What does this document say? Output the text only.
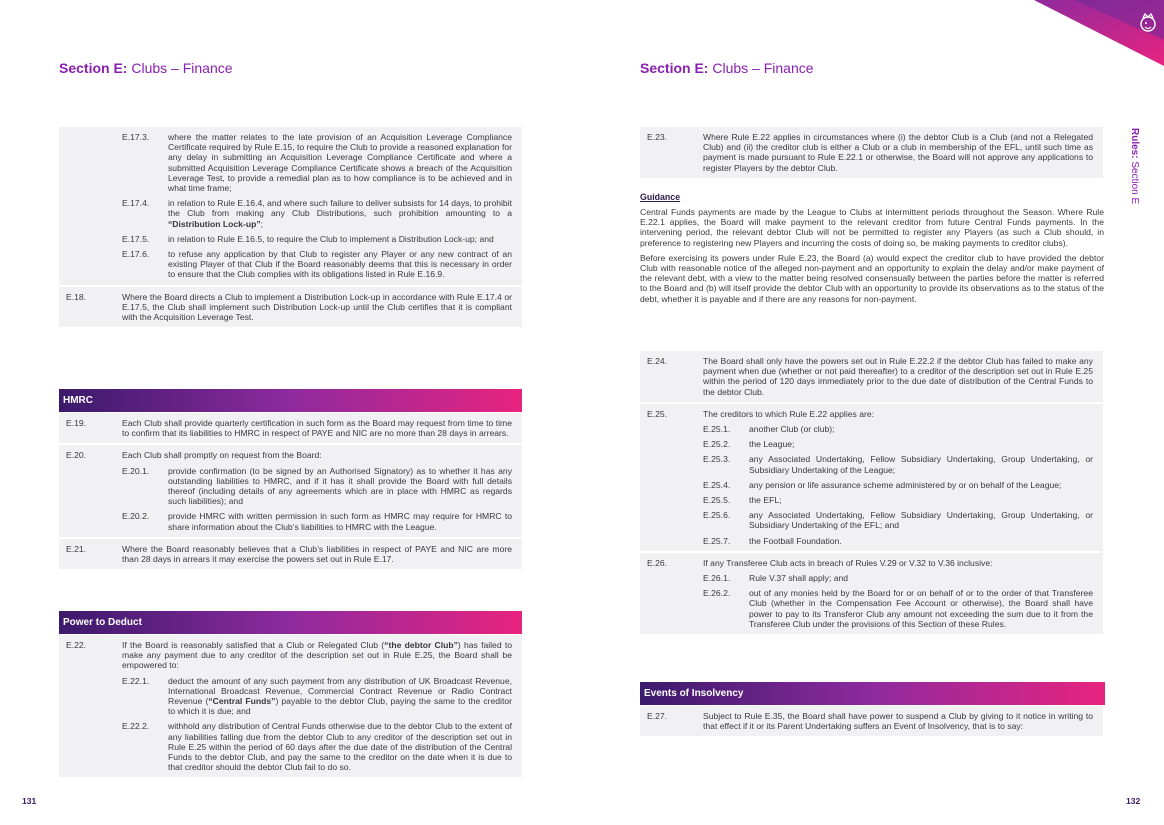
Section E: Clubs – Finance
E.17.3.	where the matter relates to the late provision of an Acquisition Leverage Compliance Certificate required by Rule E.15, to require the Club to provide a reasoned explanation for any delay in submitting an Acquisition Leverage Compliance Certificate and where a submitted Acquisition Leverage Compliance Certificate shows a breach of the Acquisition Leverage Test, to provide a remedial plan as to how compliance is to be achieved and in what time frame;
E.17.4.	in relation to Rule E.16.4, and where such failure to deliver subsists for 14 days, to prohibit the Club from making any Club Distributions, such prohibition amounting to a “Distribution Lock-up”;
E.17.5.	in relation to Rule E.16.5, to require the Club to implement a Distribution Lock-up; and
E.17.6.	to refuse any application by that Club to register any Player or any new contract of an existing Player of that Club if the Board reasonably deems that this is necessary in order to ensure that the Club complies with its obligations listed in Rule E.16.9.
E.18.	Where the Board directs a Club to implement a Distribution Lock-up in accordance with Rule E.17.4 or E.17.5, the Club shall implement such Distribution Lock-up until the Club certifies that it is compliant with the Acquisition Leverage Test.
HMRC
E.19.	Each Club shall provide quarterly certification in such form as the Board may request from time to time to confirm that its liabilities to HMRC in respect of PAYE and NIC are no more than 28 days in arrears.
E.20.	Each Club shall promptly on request from the Board:
E.20.1.	provide confirmation (to be signed by an Authorised Signatory) as to whether it has any outstanding liabilities to HMRC, and if it has it shall provide the Board with full details thereof (including details of any agreements which are in place with HMRC as regards such liabilities); and
E.20.2.	provide HMRC with written permission in such form as HMRC may require for HMRC to share information about the Club’s liabilities to HMRC with the League.
E.21.	Where the Board reasonably believes that a Club’s liabilities in respect of PAYE and NIC are more than 28 days in arrears it may exercise the powers set out in Rule E.17.
Power to Deduct
E.22.	If the Board is reasonably satisfied that a Club or Relegated Club (“the debtor Club”) has failed to make any payment due to any creditor of the description set out in Rule E.25, the Board shall be empowered to:
E.22.1.	deduct the amount of any such payment from any distribution of UK Broadcast Revenue, International Broadcast Revenue, Commercial Contract Revenue or Radio Contract Revenue (“Central Funds”) payable to the debtor Club, paying the same to the creditor to which it is due; and
E.22.2.	withhold any distribution of Central Funds otherwise due to the debtor Club to the extent of any liabilities falling due from the debtor Club to any creditor of the description set out in Rule E.25 within the period of 60 days after the due date of the distribution of the Central Funds to the debtor Club, and pay the same to the creditor on the date when it is due to that creditor should the debtor Club fail to do so.
131
Section E: Clubs – Finance
E.23.	Where Rule E.22 applies in circumstances where (i) the debtor Club is a Club (and not a Relegated Club) and (ii) the creditor club is either a Club or a club in membership of the EFL, until such time as payment is made pursuant to Rule E.22.1 or otherwise, the Board will not approve any applications to register Players by the debtor Club.
Guidance

Central Funds payments are made by the League to Clubs at intermittent periods throughout the Season. Where Rule E.22.1 applies, the Board will make payment to the relevant creditor from future Central Funds payments. In the intervening period, the relevant debtor Club will not be permitted to register any Players (as such a Club should, in preference to registering new Players and incurring the costs of doing so, be making payments to creditor clubs).

Before exercising its powers under Rule E.23, the Board (a) would expect the creditor club to have provided the debtor Club with reasonable notice of the alleged non-payment and an opportunity to explain the delay and/or make payment of the relevant debt, with a view to the matter being resolved consensually between the parties before the matter is referred to the Board and (b) will itself provide the debtor Club with an opportunity to provide its observations as to the status of the debt, whether it is payable and if there are any reasons for non-payment.

E.24.	The Board shall only have the powers set out in Rule E.22.2 if the debtor Club has failed to make any payment when due (whether or not paid thereafter) to a creditor of the description set out in Rule E.25 within the period of 120 days immediately prior to the due date of distribution of the Central Funds to the debtor Club.
E.25.	The creditors to which Rule E.22 applies are:
E.25.1.	another Club (or club);
E.25.2.	the League;
E.25.3.	any Associated Undertaking, Fellow Subsidiary Undertaking, Group Undertaking, or Subsidiary Undertaking of the League;
E.25.4.	any pension or life assurance scheme administered by or on behalf of the League;
E.25.5.	the EFL;
E.25.6.	any Associated Undertaking, Fellow Subsidiary Undertaking, Group Undertaking, or Subsidiary Undertaking of the EFL; and
E.25.7.	the Football Foundation.
E.26.	If any Transferee Club acts in breach of Rules V.29 or V.32 to V.36 inclusive:
E.26.1.	Rule V.37 shall apply; and
E.26.2.	out of any monies held by the Board for or on behalf of or to the order of that Transferee Club (whether in the Compensation Fee Account or otherwise), the Board shall have power to pay to its Transferor Club any amount not exceeding the sum due to it from the Transferee Club under the provisions of this Section of these Rules.
Events of Insolvency
E.27.	Subject to Rule E.35, the Board shall have power to suspend a Club by giving to it notice in writing to that effect if it or its Parent Undertaking suffers an Event of Insolvency, that is to say:
132
Rules: Section E
